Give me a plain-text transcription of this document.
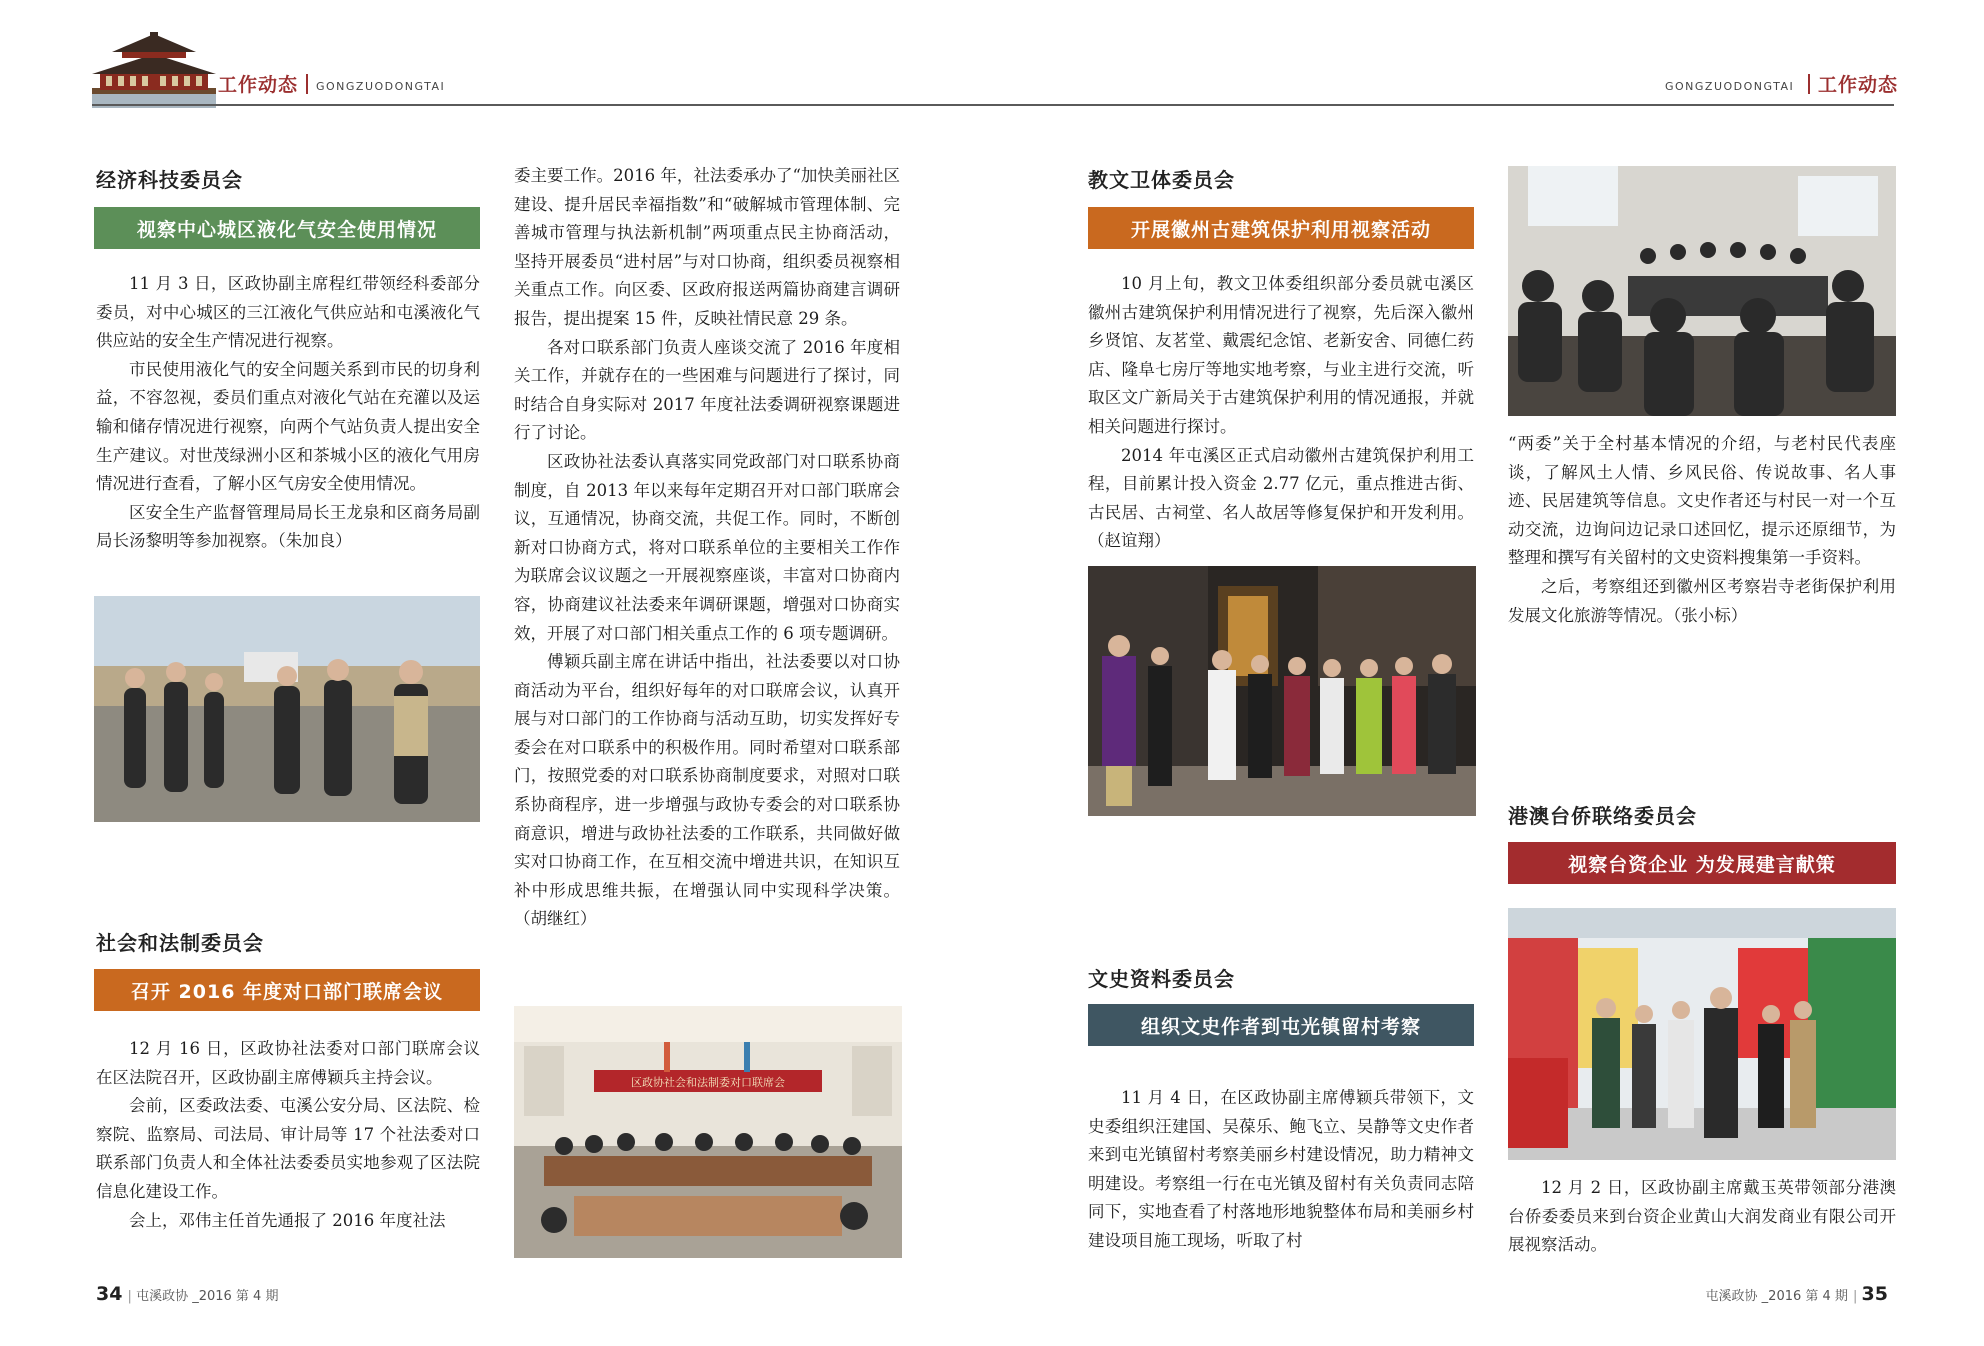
工作动态 GONGZUODONGTAI	GONGZUODONGTAI 工作动态
经济科技委员会
视察中心城区液化气安全使用情况

11 月 3 日，区政协副主席程红带领经科委部分委员，对中心城区的三江液化气供应站和屯溪液化气供应站的安全生产情况进行视察。

市民使用液化气的安全问题关系到市民的切身利益，不容忽视，委员们重点对液化气站在充灌以及运输和储存情况进行视察，向两个气站负责人提出安全生产建议。对世茂绿洲小区和茶城小区的液化气用房情况进行查看，了解小区气房安全使用情况。

区安全生产监督管理局局长王龙泉和区商务局副局长汤黎明等参加视察。（朱加良）

社会和法制委员会
召开 2016 年度对口部门联席会议

12 月 16 日，区政协社法委对口部门联席会议在区法院召开，区政协副主席傅颖兵主持会议。

会前，区委政法委、屯溪公安分局、区法院、检察院、监察局、司法局、审计局等 17 个社法委对口联系部门负责人和全体社法委委员实地参观了区法院信息化建设工作。

会上，邓伟主任首先通报了 2016 年度社法

委主要工作。2016 年，社法委承办了“加快美丽社区建设、提升居民幸福指数”和“破解城市管理体制、完善城市管理与执法新机制”两项重点民主协商活动，坚持开展委员“进村居”与对口协商，组织委员视察相关重点工作。向区委、区政府报送两篇协商建言调研报告，提出提案 15 件，反映社情民意 29 条。

各对口联系部门负责人座谈交流了 2016 年度相关工作，并就存在的一些困难与问题进行了探讨，同时结合自身实际对 2017 年度社法委调研视察课题进行了讨论。

区政协社法委认真落实同党政部门对口联系协商制度，自 2013 年以来每年定期召开对口部门联席会议，互通情况，协商交流，共促工作。同时，不断创新对口协商方式，将对口联系单位的主要相关工作作为联席会议议题之一开展视察座谈，丰富对口协商内容，协商建议社法委来年调研课题，增强对口协商实效，开展了对口部门相关重点工作的 6 项专题调研。

傅颖兵副主席在讲话中指出，社法委要以对口协商活动为平台，组织好每年的对口联席会议，认真开展与对口部门的工作协商与活动互助，切实发挥好专委会在对口联系中的积极作用。同时希望对口联系部门，按照党委的对口联系协商制度要求，对照对口联系协商程序，进一步增强与政协专委会的对口联系协商意识，增进与政协社法委的工作联系，共同做好做实对口协商工作，在互相交流中增进共识，在知识互补中形成思维共振，在增强认同中实现科学决策。（胡继红）

区政协社会和法制委对口联席会
教文卫体委员会
开展徽州古建筑保护利用视察活动

10 月上旬，教文卫体委组织部分委员就屯溪区徽州古建筑保护利用情况进行了视察，先后深入徽州乡贤馆、友茗堂、戴震纪念馆、老新安舍、同德仁药店、隆阜七房厅等地实地考察，与业主进行交流，听取区文广新局关于古建筑保护利用的情况通报，并就相关问题进行探讨。

2014 年屯溪区正式启动徽州古建筑保护利用工程，目前累计投入资金 2.77 亿元，重点推进古街、古民居、古祠堂、名人故居等修复保护和开发利用。（赵谊翔）

文史资料委员会
组织文史作者到屯光镇留村考察

11 月 4 日，在区政协副主席傅颖兵带领下，文史委组织汪建国、吴葆乐、鲍飞立、吴静等文史作者来到屯光镇留村考察美丽乡村建设情况，助力精神文明建设。考察组一行在屯光镇及留村有关负责同志陪同下，实地查看了村落地形地貌整体布局和美丽乡村建设项目施工现场，听取了村

“两委”关于全村基本情况的介绍，与老村民代表座谈，了解风土人情、乡风民俗、传说故事、名人事迹、民居建筑等信息。文史作者还与村民一对一个互动交流，边询问边记录口述回忆，提示还原细节，为整理和撰写有关留村的文史资料搜集第一手资料。

之后，考察组还到徽州区考察岩寺老街保护利用发展文化旅游等情况。（张小标）

港澳台侨联络委员会
视察台资企业 为发展建言献策

12 月 2 日，区政协副主席戴玉英带领部分港澳台侨委委员来到台资企业黄山大润发商业有限公司开展视察活动。

34 | 屯溪政协 _2016 第 4 期	屯溪政协 _2016 第 4 期 | 35
